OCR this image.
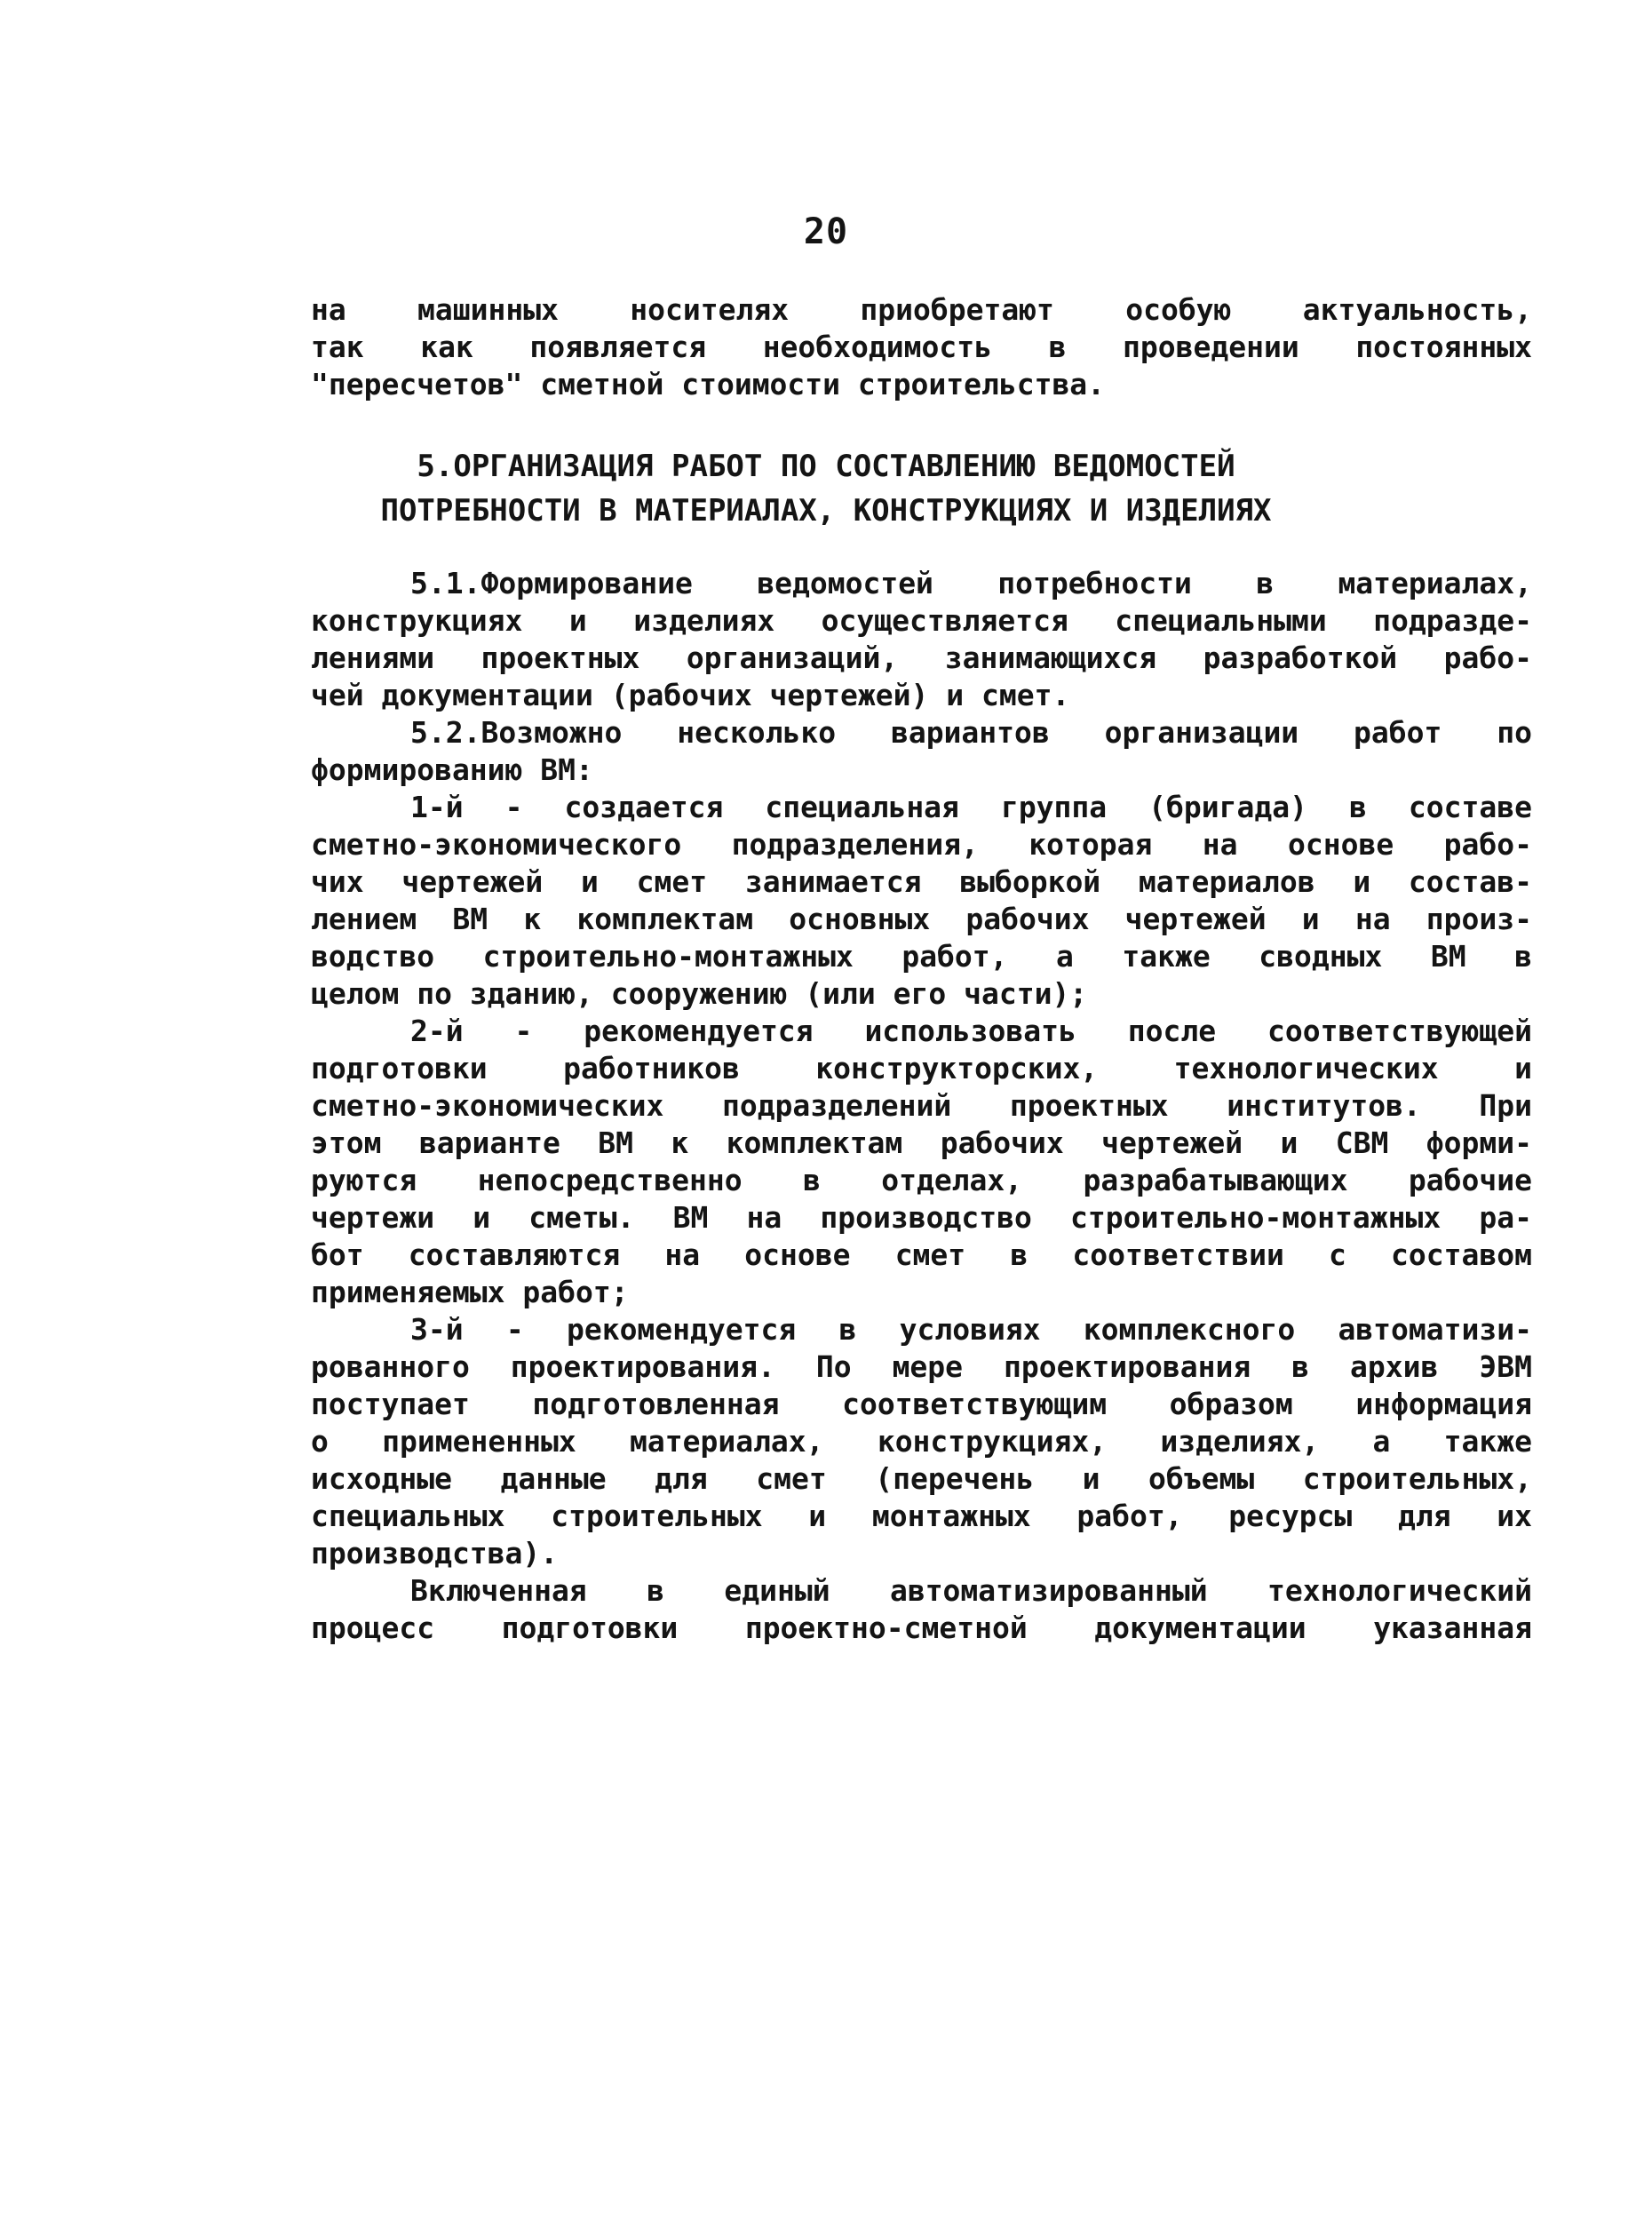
20
на машинных носителях приобретают особую актуальность,
так как появляется необходимость в проведении постоянных
"пересчетов" сметной стоимости строительства.
5.ОРГАНИЗАЦИЯ РАБОТ ПО СОСТАВЛЕНИЮ ВЕДОМОСТЕЙ
ПОТРЕБНОСТИ В МАТЕРИАЛАХ, КОНСТРУКЦИЯХ И ИЗДЕЛИЯХ
5.1.Формирование ведомостей потребности в материалах,
конструкциях и изделиях осуществляется специальными подразде-
лениями проектных организаций, занимающихся разработкой рабо-
чей документации (рабочих чертежей) и смет.
5.2.Возможно несколько вариантов организации работ по
формированию ВМ:
1-й - создается специальная группа (бригада) в составе
сметно-экономического подразделения, которая на основе рабо-
чих чертежей и смет занимается выборкой материалов и состав-
лением ВМ к комплектам основных рабочих чертежей и на произ-
водство строительно-монтажных работ, а также сводных ВМ в
целом по зданию, сооружению (или его части);
2-й - рекомендуется использовать после соответствующей
подготовки работников конструкторских, технологических и
сметно-экономических подразделений проектных институтов. При
этом варианте ВМ к комплектам рабочих чертежей и СВМ форми-
руются непосредственно в отделах, разрабатывающих рабочие
чертежи и сметы. ВМ на производство строительно-монтажных ра-
бот составляются на основе смет в соответствии с составом
применяемых работ;
3-й - рекомендуется в условиях комплексного автоматизи-
рованного проектирования. По мере проектирования в архив ЭВМ
поступает подготовленная соответствующим образом информация
о примененных материалах, конструкциях, изделиях, а также
исходные данные для смет (перечень и объемы строительных,
специальных строительных и монтажных работ, ресурсы для их
производства).
Включенная в единый автоматизированный технологический
процесс подготовки проектно-сметной документации указанная
